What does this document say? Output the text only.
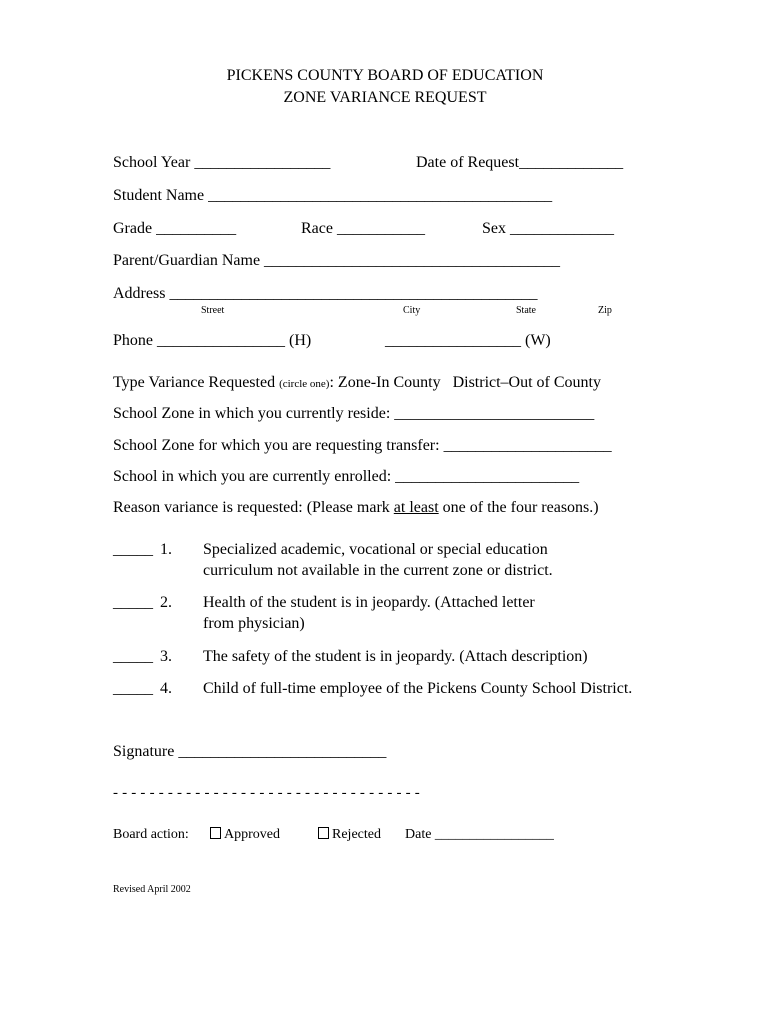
PICKENS COUNTY BOARD OF EDUCATION
ZONE VARIANCE REQUEST
School Year _________________	Date of Request_____________
Student Name ___________________________________________
Grade __________	Race ___________	Sex _____________
Parent/Guardian Name _____________________________________
Address ______________________________________________
Street	City	State	Zip
Phone ________________ (H)	_________________ (W)
Type Variance Requested (circle one): Zone-In County District–Out of County
School Zone in which you currently reside: _________________________
School Zone for which you are requesting transfer: _____________________
School in which you are currently enrolled: _______________________
Reason variance is requested: (Please mark at least one of the four reasons.)
_____ 1. Specialized academic, vocational or special education
curriculum not available in the current zone or district.
_____ 2. Health of the student is in jeopardy. (Attached letter
from physician)
_____ 3. The safety of the student is in jeopardy. (Attach description)
_____ 4. Child of full-time employee of the Pickens County School District.
Signature __________________________
- - - - - - - - - - - - - - - - - - - - - - - - - - - - - - - - - -
Board action:	Approved	Rejected Date _________________
Revised April 2002
